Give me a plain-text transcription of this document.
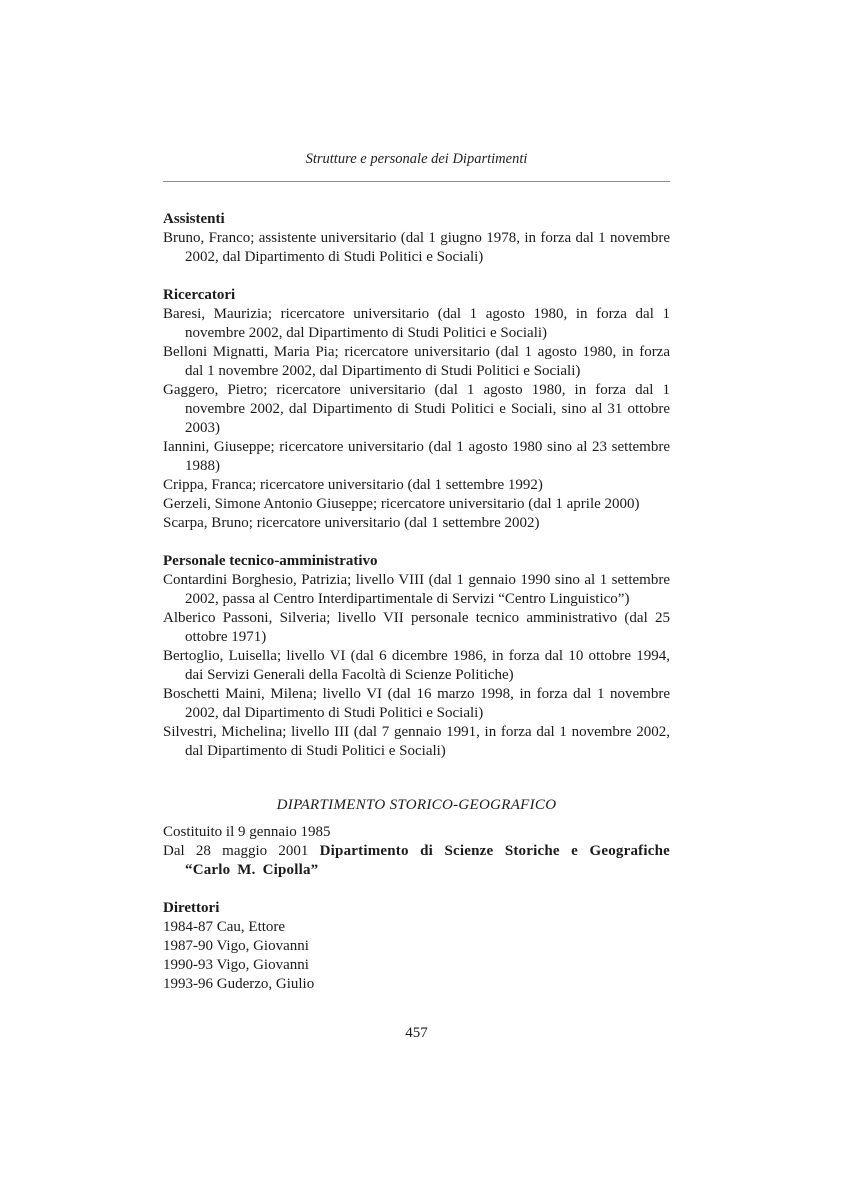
Strutture e personale dei Dipartimenti

Assistenti

Bruno, Franco; assistente universitario (dal 1 giugno 1978, in forza dal 1 novembre 2002, dal Dipartimento di Studi Politici e Sociali)

Ricercatori

Baresi, Maurizia; ricercatore universitario (dal 1 agosto 1980, in forza dal 1 novembre 2002, dal Dipartimento di Studi Politici e Sociali)

Belloni Mignatti, Maria Pia; ricercatore universitario (dal 1 agosto 1980, in forza dal 1 novembre 2002, dal Dipartimento di Studi Politici e Sociali)

Gaggero, Pietro; ricercatore universitario (dal 1 agosto 1980, in forza dal 1 novembre 2002, dal Dipartimento di Studi Politici e Sociali, sino al 31 ottobre 2003)

Iannini, Giuseppe; ricercatore universitario (dal 1 agosto 1980 sino al 23 settembre 1988)

Crippa, Franca; ricercatore universitario (dal 1 settembre 1992)

Gerzeli, Simone Antonio Giuseppe; ricercatore universitario (dal 1 aprile 2000)

Scarpa, Bruno; ricercatore universitario (dal 1 settembre 2002)

Personale tecnico-amministrativo

Contardini Borghesio, Patrizia; livello VIII (dal 1 gennaio 1990 sino al 1 settembre 2002, passa al Centro Interdipartimentale di Servizi “Centro Linguistico”)

Alberico Passoni, Silveria; livello VII personale tecnico amministrativo (dal 25 ottobre 1971)

Bertoglio, Luisella; livello VI (dal 6 dicembre 1986, in forza dal 10 ottobre 1994, dai Servizi Generali della Facoltà di Scienze Politiche)

Boschetti Maini, Milena; livello VI (dal 16 marzo 1998, in forza dal 1 novembre 2002, dal Dipartimento di Studi Politici e Sociali)

Silvestri, Michelina; livello III (dal 7 gennaio 1991, in forza dal 1 novembre 2002, dal Dipartimento di Studi Politici e Sociali)

DIPARTIMENTO STORICO-GEOGRAFICO

Costituito il 9 gennaio 1985

Dal 28 maggio 2001 Dipartimento di Scienze Storiche e Geografiche “Carlo M. Cipolla”

Direttori

1984-87 Cau, Ettore

1987-90 Vigo, Giovanni

1990-93 Vigo, Giovanni

1993-96 Guderzo, Giulio

457
